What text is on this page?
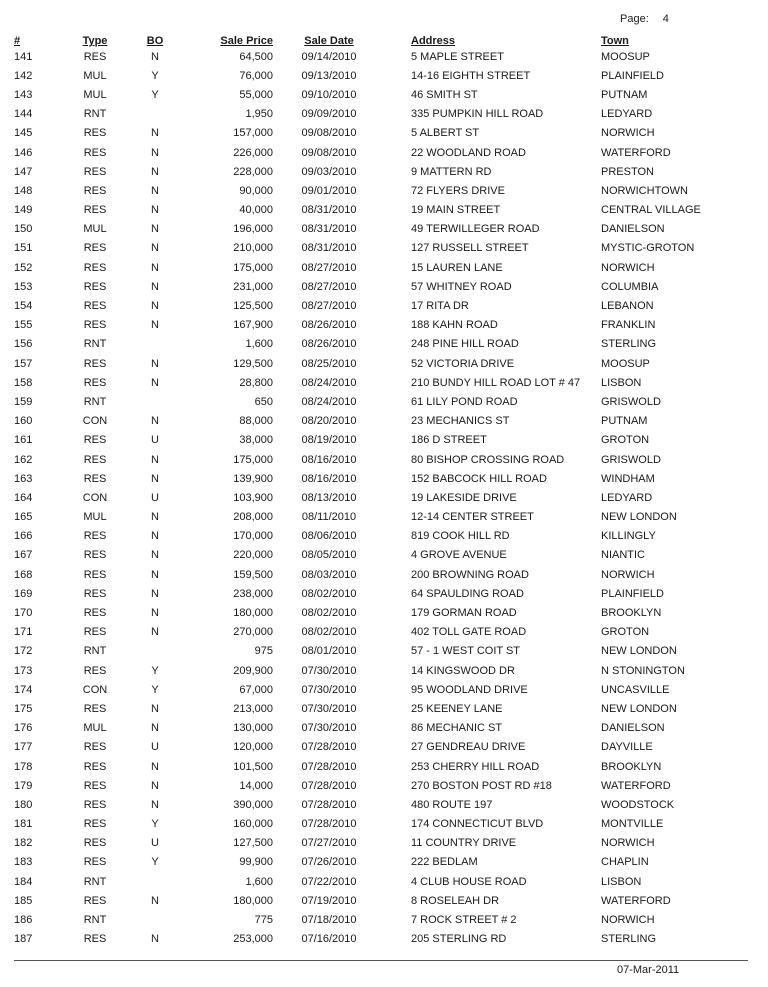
Page: 4
#	Type	BO	Sale Price	Sale Date		Address	Town
141	RES	N	64,500	09/14/2010		5 MAPLE STREET	MOOSUP
142	MUL	Y	76,000	09/13/2010		14-16 EIGHTH STREET	PLAINFIELD
143	MUL	Y	55,000	09/10/2010		46 SMITH ST	PUTNAM
144	RNT		1,950	09/09/2010		335 PUMPKIN HILL ROAD	LEDYARD
145	RES	N	157,000	09/08/2010		5 ALBERT ST	NORWICH
146	RES	N	226,000	09/08/2010		22 WOODLAND ROAD	WATERFORD
147	RES	N	228,000	09/03/2010		9 MATTERN RD	PRESTON
148	RES	N	90,000	09/01/2010		72 FLYERS DRIVE	NORWICHTOWN
149	RES	N	40,000	08/31/2010		19 MAIN STREET	CENTRAL VILLAGE
150	MUL	N	196,000	08/31/2010		49 TERWILLEGER ROAD	DANIELSON
151	RES	N	210,000	08/31/2010		127 RUSSELL STREET	MYSTIC-GROTON
152	RES	N	175,000	08/27/2010		15 LAUREN LANE	NORWICH
153	RES	N	231,000	08/27/2010		57 WHITNEY ROAD	COLUMBIA
154	RES	N	125,500	08/27/2010		17 RITA DR	LEBANON
155	RES	N	167,900	08/26/2010		188 KAHN ROAD	FRANKLIN
156	RNT		1,600	08/26/2010		248 PINE HILL ROAD	STERLING
157	RES	N	129,500	08/25/2010		52 VICTORIA DRIVE	MOOSUP
158	RES	N	28,800	08/24/2010		210 BUNDY HILL ROAD LOT # 47	LISBON
159	RNT		650	08/24/2010		61 LILY POND ROAD	GRISWOLD
160	CON	N	88,000	08/20/2010		23 MECHANICS ST	PUTNAM
161	RES	U	38,000	08/19/2010		186 D STREET	GROTON
162	RES	N	175,000	08/16/2010		80 BISHOP CROSSING ROAD	GRISWOLD
163	RES	N	139,900	08/16/2010		152 BABCOCK HILL ROAD	WINDHAM
164	CON	U	103,900	08/13/2010		19 LAKESIDE DRIVE	LEDYARD
165	MUL	N	208,000	08/11/2010		12-14 CENTER STREET	NEW LONDON
166	RES	N	170,000	08/06/2010		819 COOK HILL RD	KILLINGLY
167	RES	N	220,000	08/05/2010		4 GROVE AVENUE	NIANTIC
168	RES	N	159,500	08/03/2010		200 BROWNING ROAD	NORWICH
169	RES	N	238,000	08/02/2010		64 SPAULDING ROAD	PLAINFIELD
170	RES	N	180,000	08/02/2010		179 GORMAN ROAD	BROOKLYN
171	RES	N	270,000	08/02/2010		402 TOLL GATE ROAD	GROTON
172	RNT		975	08/01/2010		57 - 1 WEST COIT ST	NEW LONDON
173	RES	Y	209,900	07/30/2010		14 KINGSWOOD DR	N STONINGTON
174	CON	Y	67,000	07/30/2010		95 WOODLAND DRIVE	UNCASVILLE
175	RES	N	213,000	07/30/2010		25 KEENEY LANE	NEW LONDON
176	MUL	N	130,000	07/30/2010		86 MECHANIC ST	DANIELSON
177	RES	U	120,000	07/28/2010		27 GENDREAU DRIVE	DAYVILLE
178	RES	N	101,500	07/28/2010		253 CHERRY HILL ROAD	BROOKLYN
179	RES	N	14,000	07/28/2010		270 BOSTON POST RD #18	WATERFORD
180	RES	N	390,000	07/28/2010		480 ROUTE 197	WOODSTOCK
181	RES	Y	160,000	07/28/2010		174 CONNECTICUT BLVD	MONTVILLE
182	RES	U	127,500	07/27/2010		11 COUNTRY DRIVE	NORWICH
183	RES	Y	99,900	07/26/2010		222 BEDLAM	CHAPLIN
184	RNT		1,600	07/22/2010		4 CLUB HOUSE ROAD	LISBON
185	RES	N	180,000	07/19/2010		8 ROSELEAH DR	WATERFORD
186	RNT		775	07/18/2010		7 ROCK STREET # 2	NORWICH
187	RES	N	253,000	07/16/2010		205 STERLING RD	STERLING
07-Mar-2011
